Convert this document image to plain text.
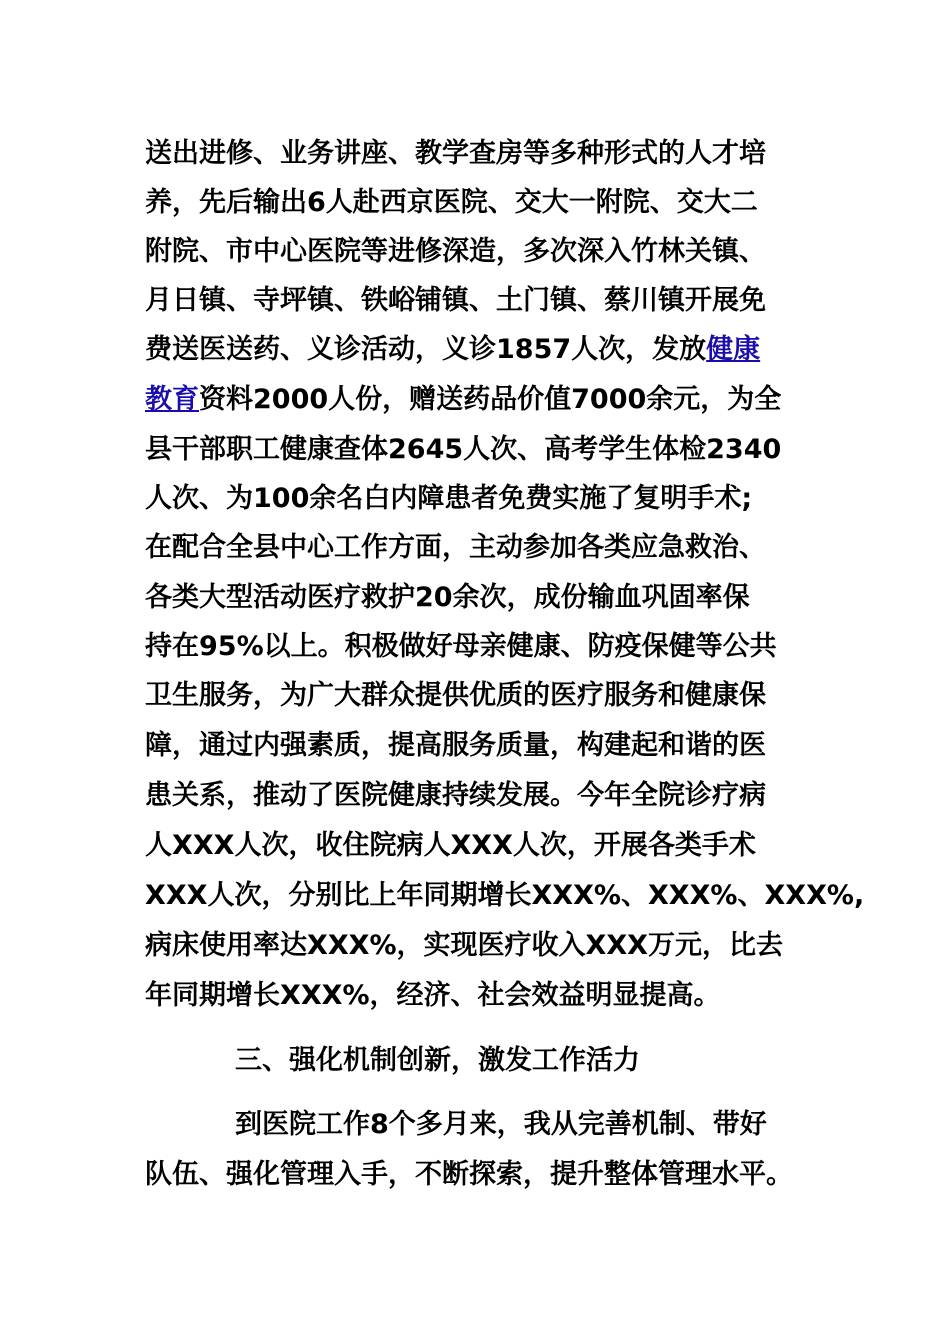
送出进修、业务讲座、教学查房等多种形式的人才培
养，先后输出6人赴西京医院、交大一附院、交大二
附院、市中心医院等进修深造，多次深入竹林关镇、
月日镇、寺坪镇、铁峪铺镇、土门镇、蔡川镇开展免
费送医送药、义诊活动，义诊1857人次，发放健康
教育资料2000人份，赠送药品价值7000余元，为全
县干部职工健康查体2645人次、高考学生体检2340
人次、为100余名白内障患者免费实施了复明手术;
在配合全县中心工作方面，主动参加各类应急救治、
各类大型活动医疗救护20余次，成份输血巩固率保
持在95%以上。积极做好母亲健康、防疫保健等公共
卫生服务，为广大群众提供优质的医疗服务和健康保
障，通过内强素质，提高服务质量，构建起和谐的医
患关系，推动了医院健康持续发展。今年全院诊疗病
人XXX人次，收住院病人XXX人次，开展各类手术
XXX人次，分别比上年同期增长XXX%、XXX%、XXX%,
病床使用率达XXX%，实现医疗收入XXX万元，比去
年同期增长XXX%，经济、社会效益明显提高。
三、强化机制创新，激发工作活力
到医院工作8个多月来，我从完善机制、带好
队伍、强化管理入手，不断探索，提升整体管理水平。
